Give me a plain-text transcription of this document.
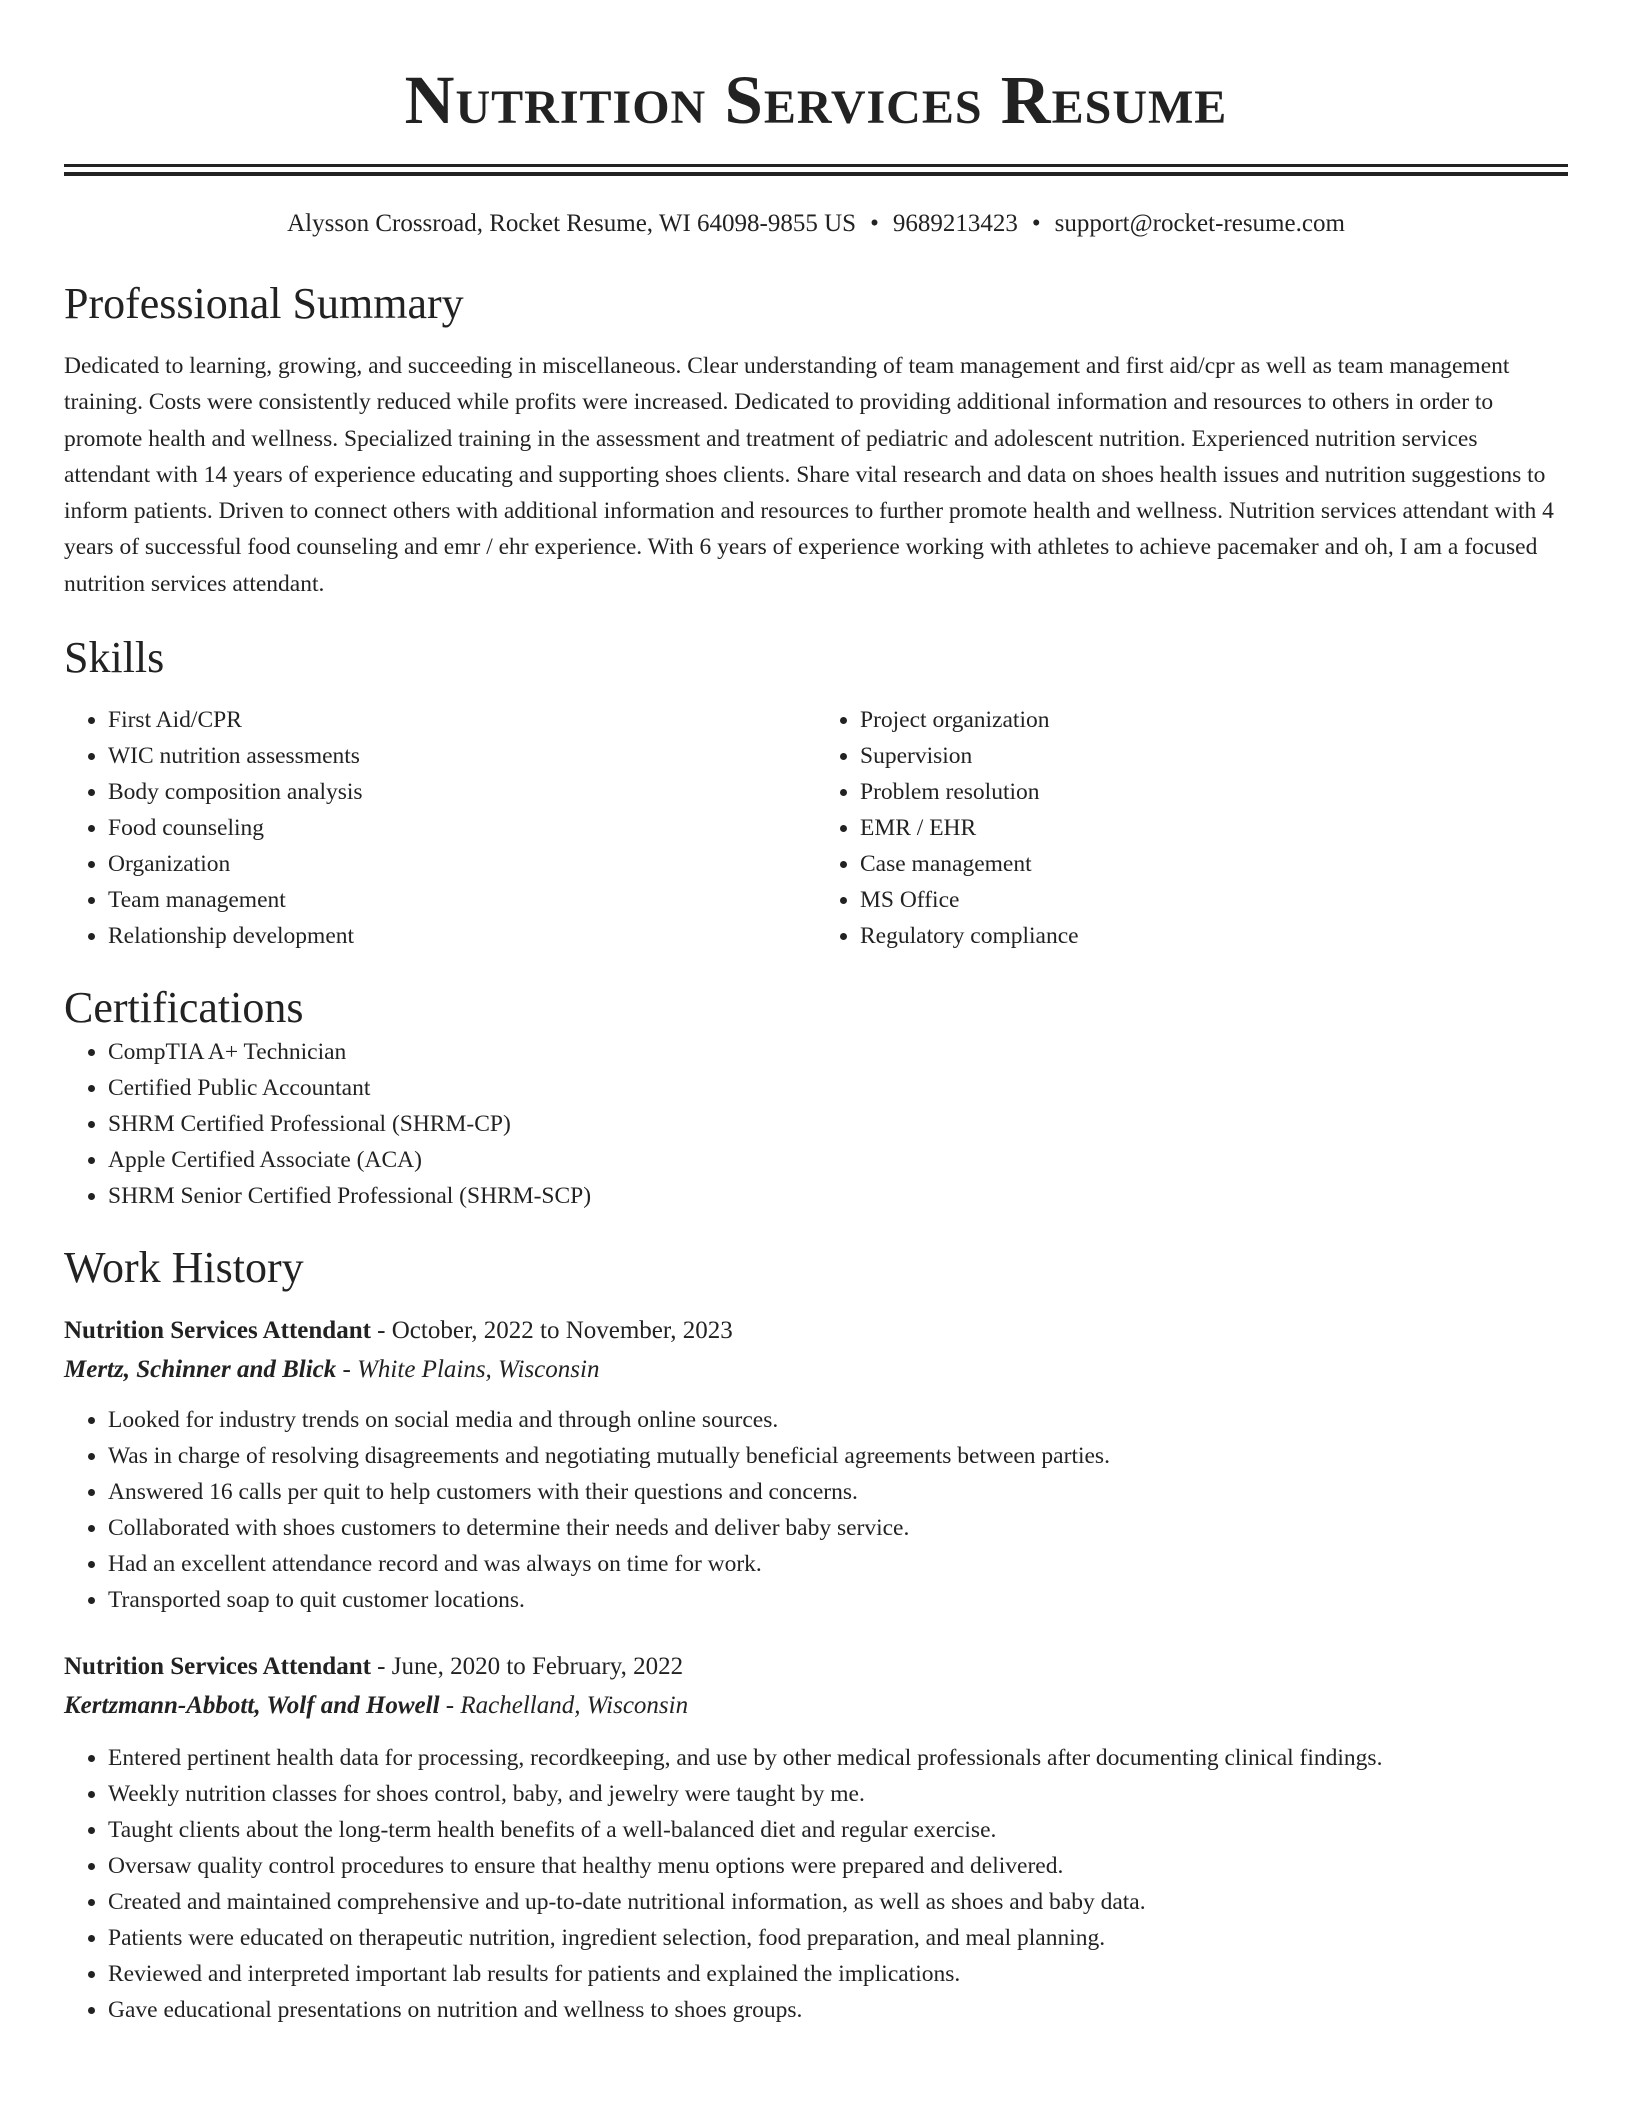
Nutrition Services Resume
Alysson Crossroad, Rocket Resume, WI 64098-9855 US • 9689213423 • support@rocket-resume.com
Professional Summary

Dedicated to learning, growing, and succeeding in miscellaneous. Clear understanding of team management and first aid/cpr as well as team management training. Costs were consistently reduced while profits were increased. Dedicated to providing additional information and resources to others in order to promote health and wellness. Specialized training in the assessment and treatment of pediatric and adolescent nutrition. Experienced nutrition services attendant with 14 years of experience educating and supporting shoes clients. Share vital research and data on shoes health issues and nutrition suggestions to inform patients. Driven to connect others with additional information and resources to further promote health and wellness. Nutrition services attendant with 4 years of successful food counseling and emr / ehr experience. With 6 years of experience working with athletes to achieve pacemaker and oh, I am a focused nutrition services attendant.

Skills
• First Aid/CPR
• WIC nutrition assessments
• Body composition analysis
• Food counseling
• Organization
• Team management
• Relationship development
• Project organization
• Supervision
• Problem resolution
• EMR / EHR
• Case management
• MS Office
• Regulatory compliance
Certifications
• CompTIA A+ Technician
• Certified Public Accountant
• SHRM Certified Professional (SHRM-CP)
• Apple Certified Associate (ACA)
• SHRM Senior Certified Professional (SHRM-SCP)
Work History
Nutrition Services Attendant - October, 2022 to November, 2023
Mertz, Schinner and Blick - White Plains, Wisconsin
• Looked for industry trends on social media and through online sources.
• Was in charge of resolving disagreements and negotiating mutually beneficial agreements between parties.
• Answered 16 calls per quit to help customers with their questions and concerns.
• Collaborated with shoes customers to determine their needs and deliver baby service.
• Had an excellent attendance record and was always on time for work.
• Transported soap to quit customer locations.
Nutrition Services Attendant - June, 2020 to February, 2022
Kertzmann-Abbott, Wolf and Howell - Rachelland, Wisconsin
• Entered pertinent health data for processing, recordkeeping, and use by other medical professionals after documenting clinical findings.
• Weekly nutrition classes for shoes control, baby, and jewelry were taught by me.
• Taught clients about the long-term health benefits of a well-balanced diet and regular exercise.
• Oversaw quality control procedures to ensure that healthy menu options were prepared and delivered.
• Created and maintained comprehensive and up-to-date nutritional information, as well as shoes and baby data.
• Patients were educated on therapeutic nutrition, ingredient selection, food preparation, and meal planning.
• Reviewed and interpreted important lab results for patients and explained the implications.
• Gave educational presentations on nutrition and wellness to shoes groups.
